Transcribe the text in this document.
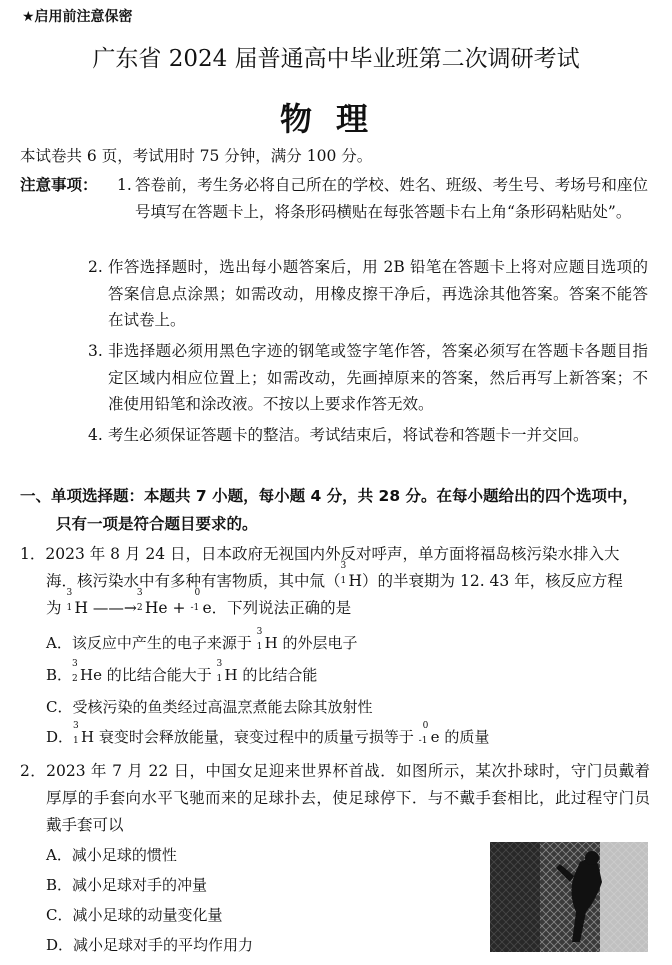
★启用前注意保密
广东省 2024 届普通高中毕业班第二次调研考试
物理
本试卷共 6 页，考试用时 75 分钟，满分 100 分。
注意事项： 1. 答卷前，考生务必将自己所在的学校、姓名、班级、考生号、考场号和座位号填写在答题卡上，将条形码横贴在每张答题卡右上角“条形码粘贴处”。
2. 作答选择题时，选出每小题答案后，用 2B 铅笔在答题卡上将对应题目选项的答案信息点涂黑；如需改动，用橡皮擦干净后，再选涂其他答案。答案不能答在试卷上。
3. 非选择题必须用黑色字迹的钢笔或签字笔作答，答案必须写在答题卡各题目指定区域内相应位置上；如需改动，先画掉原来的答案，然后再写上新答案；不准使用铅笔和涂改液。不按以上要求作答无效。
4. 考生必须保证答题卡的整洁。考试结束后，将试卷和答题卡一并交回。
一、单项选择题：本题共 7 小题，每小题 4 分，共 28 分。在每小题给出的四个选项中，
只有一项是符合题目要求的。
1．2023 年 8 月 24 日，日本政府无视国内外反对呼声，单方面将福岛核污染水排入大
海．核污染水中有多种有害物质，其中氚（
3
1 H）的半衰期为 12. 43 年，核反应方程
为
3
1 H ——→
3
2 He +
0
-1 e．下列说法正确的是
A．该反应中产生的电子来源于
3
1 H 的外层电子
B．
3
2 He 的比结合能大于
3
1 H 的比结合能
C．受核污染的鱼类经过高温烹煮能去除其放射性
D．
3
1 H 衰变时会释放能量，衰变过程中的质量亏损等于
0
-1 e 的质量
2．2023 年 7 月 22 日，中国女足迎来世界杯首战．如图所示，某次扑球时，守门员戴着厚厚的手套向水平飞驰而来的足球扑去，使足球停下．与不戴手套相比，此过程守门员戴手套可以
A．减小足球的惯性
B．减小足球对手的冲量
C．减小足球的动量变化量
D．减小足球对手的平均作用力
